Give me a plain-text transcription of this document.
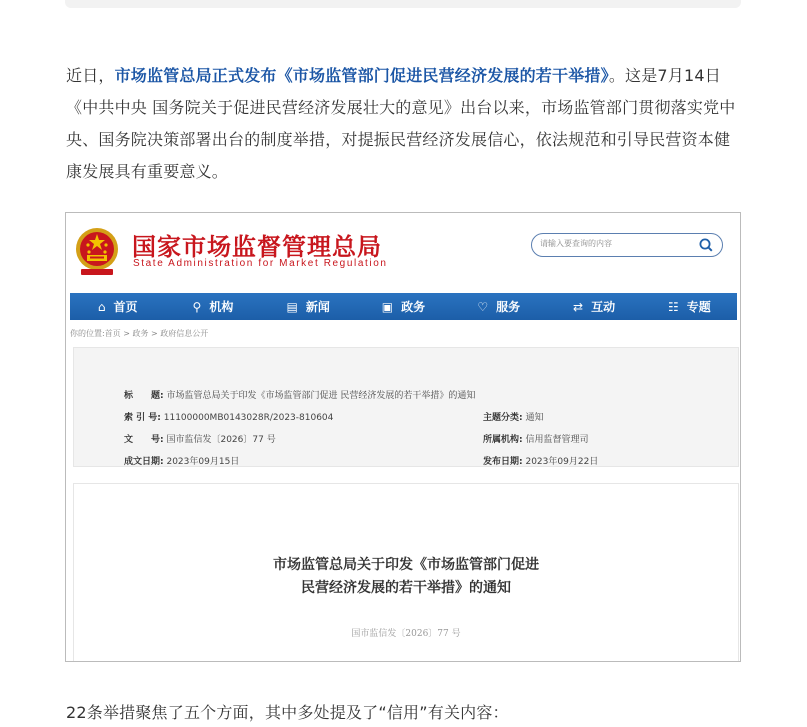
近日，市场监管总局正式发布《市场监管部门促进民营经济发展的若干举措》。这是7月14日《中共中央 国务院关于促进民营经济发展壮大的意见》出台以来，市场监管部门贯彻落实党中央、国务院决策部署出台的制度举措，对提振民营经济发展信心，依法规范和引导民营资本健康发展具有重要意义。

国家市场监督管理总局
State Administration for Market Regulation
请输入要查询的内容
⌂ 首页	⚲ 机构	▤ 新闻	▣ 政务	♡ 服务	⇄ 互动	☷ 专题
你的位置:首页 > 政务 > 政府信息公开
标　　题: 市场监管总局关于印发《市场监管部门促进 民营经济发展的若干举措》的通知
索 引 号: 11100000MB0143028R/2023-810604	主题分类: 通知
文　　号: 国市监信发〔2026〕77 号	所属机构: 信用监督管理司
成文日期: 2023年09月15日	发布日期: 2023年09月22日
市场监管总局关于印发《市场监管部门促进
民营经济发展的若干举措》的通知
国市监信发〔2026〕77 号

22条举措聚焦了五个方面，其中多处提及了“信用”有关内容：
